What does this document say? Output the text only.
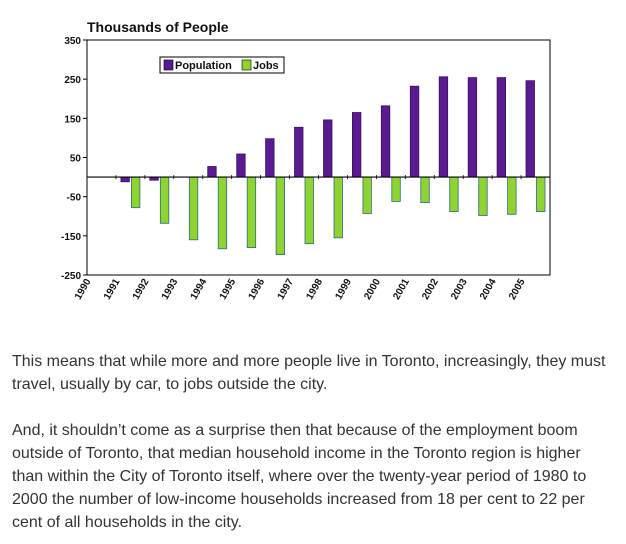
Thousands of People
350
250
150
50
-50
-150
-250
1990 1991 1992 1993 1994 1995 1996 1997 1998 1999 2000 2001 2002 2003 2004 2005
Population Jobs

This means that while more and more people live in Toronto, increasingly, they must travel, usually by car, to jobs outside the city.

And, it shouldn’t come as a surprise then that because of the employment boom outside of Toronto, that median household income in the Toronto region is higher than within the City of Toronto itself, where over the twenty-year period of 1980 to 2000 the number of low-income households increased from 18 per cent to 22 per cent of all households in the city.
